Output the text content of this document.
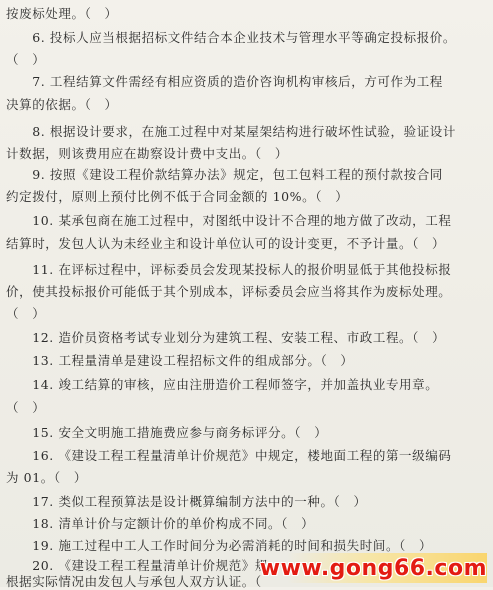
按废标处理。（　）
　　6. 投标人应当根据招标文件结合本企业技术与管理水平等确定投标报价。
（　）
　　7. 工程结算文件需经有相应资质的造价咨询机构审核后，方可作为工程
决算的依据。（　）
　　8. 根据设计要求，在施工过程中对某屋架结构进行破坏性试验，验证设计
计数据，则该费用应在勘察设计费中支出。（　）
　　9. 按照《建设工程价款结算办法》规定，包工包料工程的预付款按合同
约定拨付，原则上预付比例不低于合同金额的 10%。（　）
　　10. 某承包商在施工过程中，对图纸中设计不合理的地方做了改动，工程
结算时，发包人认为未经业主和设计单位认可的设计变更，不予计量。（　）
　　11. 在评标过程中，评标委员会发现某投标人的报价明显低于其他投标报
价，使其投标报价可能低于其个别成本，评标委员会应当将其作为废标处理。
（　）
　　12. 造价员资格考试专业划分为建筑工程、安装工程、市政工程。（　）
　　13. 工程量清单是建设工程招标文件的组成部分。（　）
　　14. 竣工结算的审核，应由注册造价工程师签字，并加盖执业专用章。
（　）
　　15. 安全文明施工措施费应参与商务标评分。（　）
　　16. 《建设工程工程量清单计价规范》中规定，楼地面工程的第一级编码
为 01。（　）
　　17. 类似工程预算法是设计概算编制方法中的一种。（　）
　　18. 清单计价与定额计价的单价构成不同。（　）
　　19. 施工过程中工人工作时间分为必需消耗的时间和损失时间。（　）
　　20. 《建设工程工程量清单计价规范》规
根据实际情况由发包人与承包人双方认证。（
www.gong66.com
